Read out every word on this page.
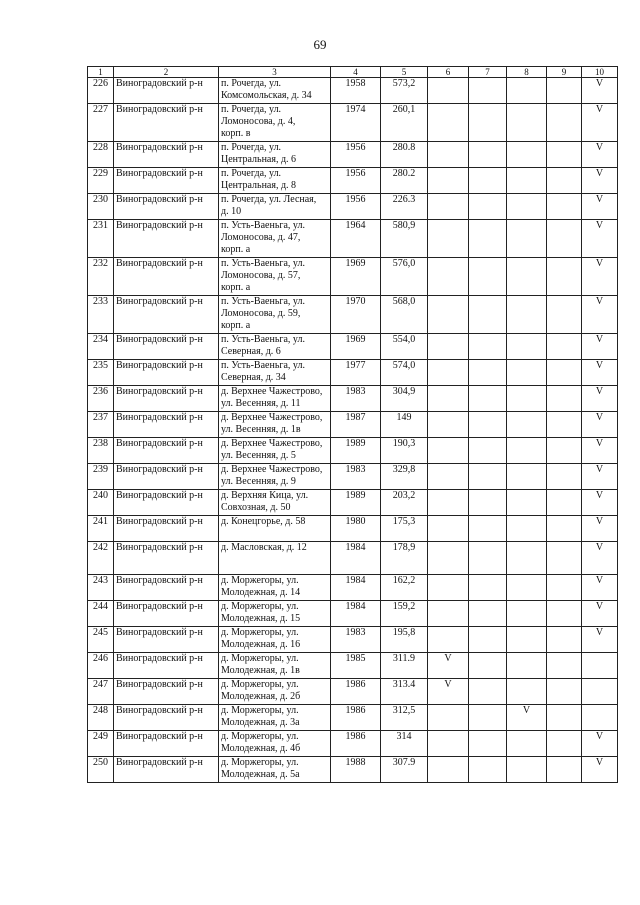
69
1	2	3	4	5	6	7	8	9	10
226	Виноградовский р-н	п. Рочегда, ул.
Комсомольская, д. 34	1958	573,2					V
227	Виноградовский р-н	п. Рочегда, ул.
Ломоносова, д. 4,
корп. в	1974	260,1					V
228	Виноградовский р-н	п. Рочегда, ул.
Центральная, д. 6	1956	280.8					V
229	Виноградовский р-н	п. Рочегда, ул.
Центральная, д. 8	1956	280.2					V
230	Виноградовский р-н	п. Рочегда, ул. Лесная,
д. 10	1956	226.3					V
231	Виноградовский р-н	п. Усть-Ваеньга, ул.
Ломоносова, д. 47,
корп. а	1964	580,9					V
232	Виноградовский р-н	п. Усть-Ваеньга, ул.
Ломоносова, д. 57,
корп. а	1969	576,0					V
233	Виноградовский р-н	п. Усть-Ваеньга, ул.
Ломоносова, д. 59,
корп. а	1970	568,0					V
234	Виноградовский р-н	п. Усть-Ваеньга, ул.
Северная, д. 6	1969	554,0					V
235	Виноградовский р-н	п. Усть-Ваеньга, ул.
Северная, д. 34	1977	574,0					V
236	Виноградовский р-н	д. Верхнее Чажестрово,
ул. Весенняя, д. 11	1983	304,9					V
237	Виноградовский р-н	д. Верхнее Чажестрово,
ул. Весенняя, д. 1в	1987	149					V
238	Виноградовский р-н	д. Верхнее Чажестрово,
ул. Весенняя, д. 5	1989	190,3					V
239	Виноградовский р-н	д. Верхнее Чажестрово,
ул. Весенняя, д. 9	1983	329,8					V
240	Виноградовский р-н	д. Верхняя Кица, ул.
Совхозная, д. 50	1989	203,2					V
241	Виноградовский р-н	д. Конецгорье, д. 58	1980	175,3					V
242	Виноградовский р-н	д. Масловская, д. 12	1984	178,9					V
243	Виноградовский р-н	д. Моржегоры, ул.
Молодежная, д. 14	1984	162,2					V
244	Виноградовский р-н	д. Моржегоры, ул.
Молодежная, д. 15	1984	159,2					V
245	Виноградовский р-н	д. Моржегоры, ул.
Молодежная, д. 16	1983	195,8					V
246	Виноградовский р-н	д. Моржегоры, ул.
Молодежная, д. 1в	1985	311.9	V				
247	Виноградовский р-н	д. Моржегоры, ул.
Молодежная, д. 2б	1986	313.4	V				
248	Виноградовский р-н	д. Моржегоры, ул.
Молодежная, д. 3а	1986	312,5			V		
249	Виноградовский р-н	д. Моржегоры, ул.
Молодежная, д. 4б	1986	314					V
250	Виноградовский р-н	д. Моржегоры, ул.
Молодежная, д. 5а	1988	307.9					V
